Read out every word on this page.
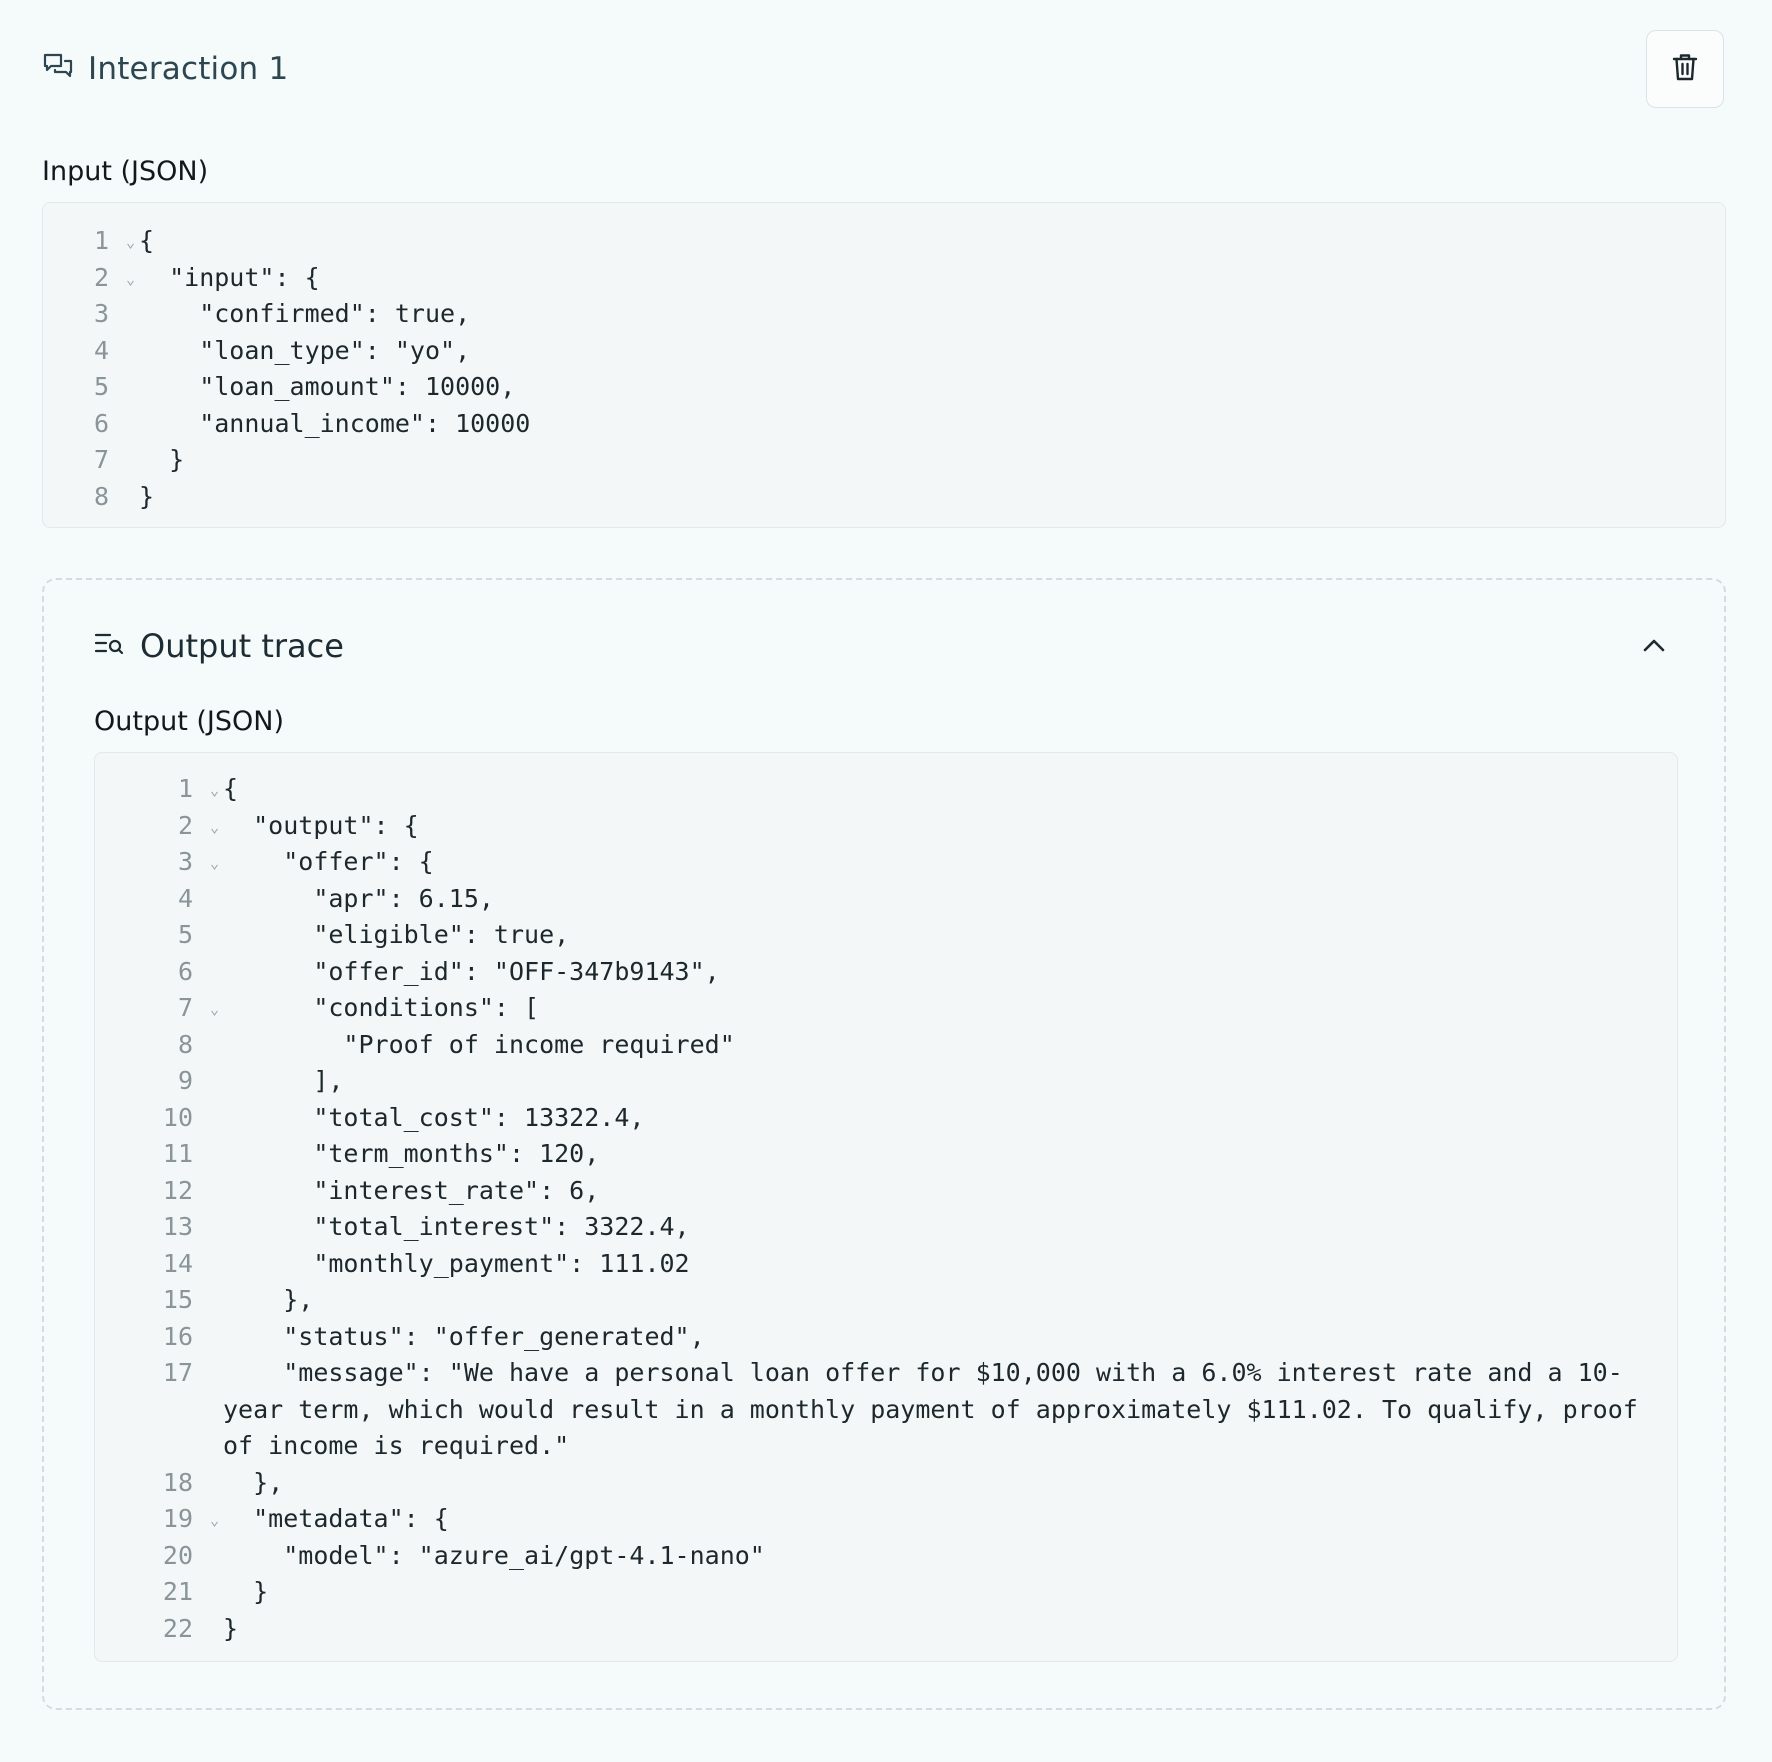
Interaction 1
Input (JSON)
1 ⌄ {
2 ⌄ "input": {
3	"confirmed": true,
4	"loan_type": "yo",
5	"loan_amount": 10000,
6	"annual_income": 10000
7	}
8	}
Output trace
Output (JSON)
1 ⌄ {
2 ⌄ "output": {
3 ⌄ "offer": {
4	"apr": 6.15,
5	"eligible": true,
6	"offer_id": "OFF-347b9143",
7 ⌄ "conditions": [
8	"Proof of income required"
9	],
10	"total_cost": 13322.4,
11	"term_months": 120,
12	"interest_rate": 6,
13	"total_interest": 3322.4,
14	"monthly_payment": 111.02
15	},
16	"status": "offer_generated",
17	"message": "We have a personal loan offer for $10,000 with a 6.0% interest rate and a 10-year term, which would result in a monthly payment of approximately $111.02. To qualify, proof of income is required."
18	},
19 ⌄ "metadata": {
20	"model": "azure_ai/gpt-4.1-nano"
21	}
22	}
